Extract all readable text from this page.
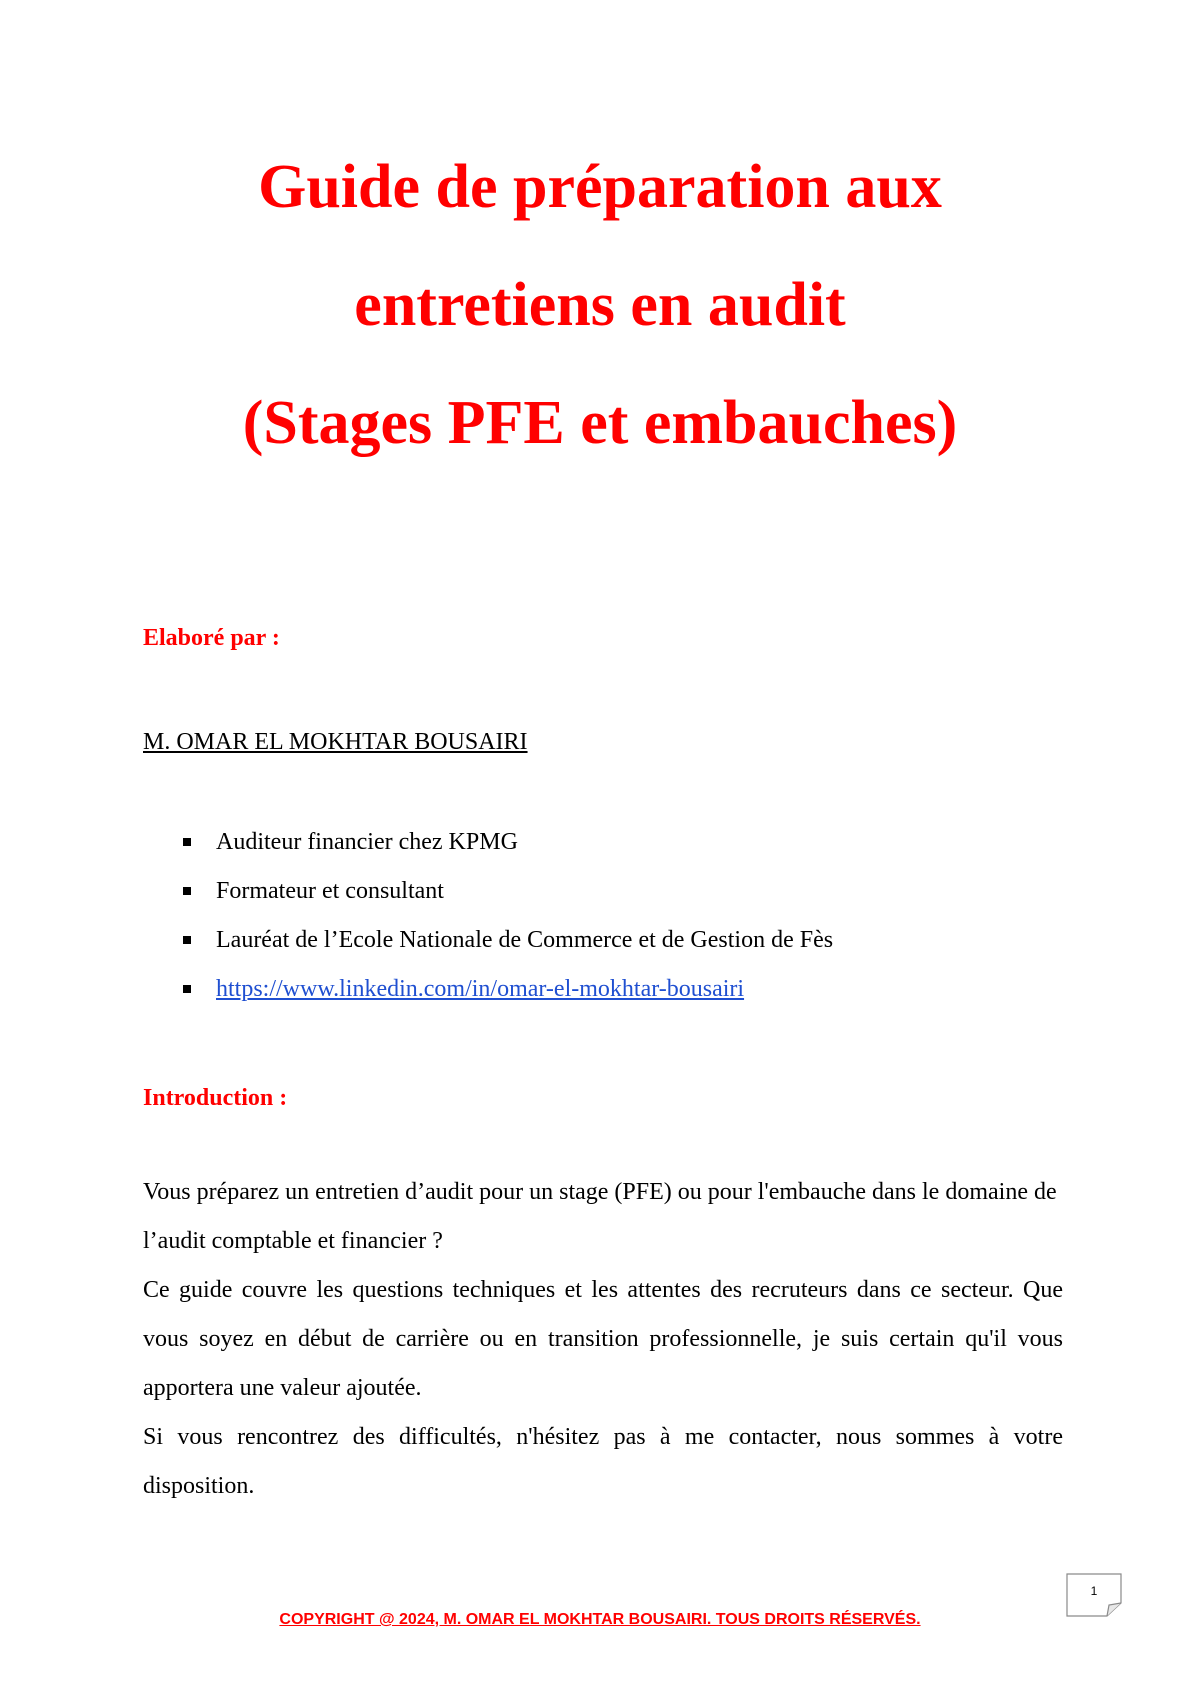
Guide de préparation aux
entretiens en audit
(Stages PFE et embauches)
Elaboré par :
M. OMAR EL MOKHTAR BOUSAIRI
Auditeur financier chez KPMG
Formateur et consultant
Lauréat de l’Ecole Nationale de Commerce et de Gestion de Fès
https://www.linkedin.com/in/omar-el-mokhtar-bousairi
Introduction :

Vous préparez un entretien d’audit pour un stage (PFE) ou pour l'embauche dans le domaine de l’audit comptable et financier ?

Ce guide couvre les questions techniques et les attentes des recruteurs dans ce secteur. Que vous soyez en début de carrière ou en transition professionnelle, je suis certain qu'il vous apportera une valeur ajoutée.

Si vous rencontrez des difficultés, n'hésitez pas à me contacter, nous sommes à votre disposition.

1
COPYRIGHT @ 2024, M. OMAR EL MOKHTAR BOUSAIRI. TOUS DROITS RÉSERVÉS.
